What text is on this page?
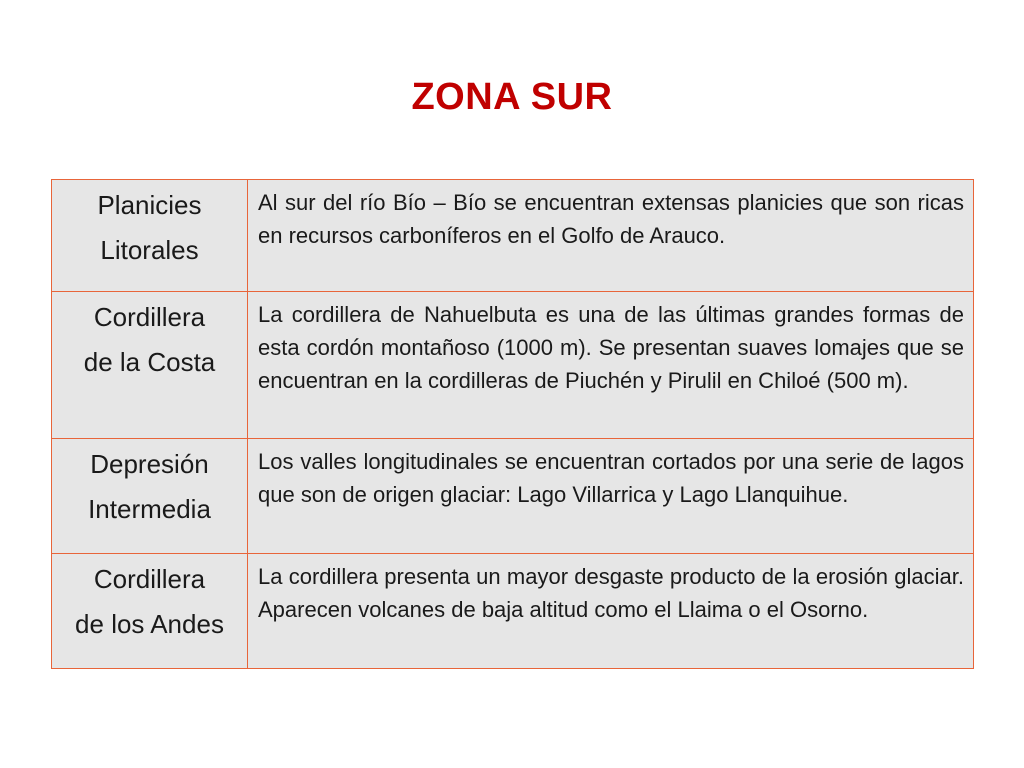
ZONA SUR
Planicies
Litorales	Al sur del río Bío – Bío se encuentran extensas planicies que son ricas en recursos carboníferos en el Golfo de Arauco.

Cordillera
de la Costa	La cordillera de Nahuelbuta es una de las últimas grandes formas de esta cordón montañoso (1000 m). Se presentan suaves lomajes que se encuentran en la cordilleras de Piuchén y Pirulil en Chiloé (500 m).

Depresión
Intermedia	Los valles longitudinales se encuentran cortados por una serie de lagos que son de origen glaciar: Lago Villarrica y Lago Llanquihue.

Cordillera
de los Andes	La cordillera presenta un mayor desgaste producto de la erosión glaciar. Aparecen volcanes de baja altitud como el Llaima o el Osorno.
